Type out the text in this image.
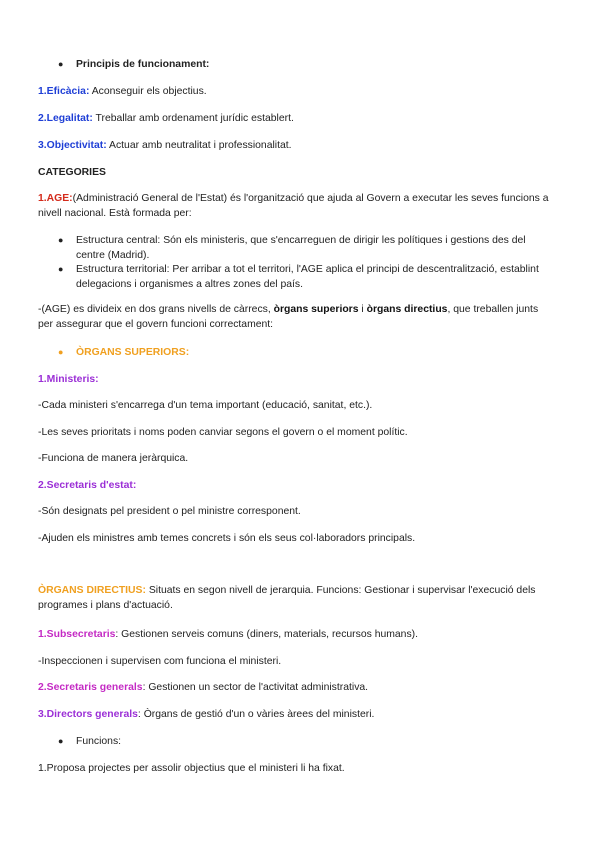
● Principis de funcionament:
1.Eficàcia: Aconseguir els objectius.
2.Legalitat: Treballar amb ordenament jurídic establert.
3.Objectivitat: Actuar amb neutralitat i professionalitat.
CATEGORIES
1.AGE:(Administració General de l'Estat) és l'organització que ajuda al Govern a executar les seves funcions a nivell nacional. Està formada per:
● Estructura central: Són els ministeris, que s'encarreguen de dirigir les polítiques i gestions des del centre (Madrid).
● Estructura territorial: Per arribar a tot el territori, l'AGE aplica el principi de descentralització, establint delegacions i organismes a altres zones del país.
-(AGE) es divideix en dos grans nivells de càrrecs, òrgans superiors i òrgans directius, que treballen junts per assegurar que el govern funcioni correctament:
● ÒRGANS SUPERIORS:
1.Ministeris:
-Cada ministeri s'encarrega d'un tema important (educació, sanitat, etc.).
-Les seves prioritats i noms poden canviar segons el govern o el moment polític.
-Funciona de manera jeràrquica.
2.Secretaris d'estat:
-Són designats pel president o pel ministre corresponent.
-Ajuden els ministres amb temes concrets i són els seus col·laboradors principals.
ÒRGANS DIRECTIUS: Situats en segon nivell de jerarquia. Funcions: Gestionar i supervisar l'execució dels programes i plans d'actuació.
1.Subsecretaris: Gestionen serveis comuns (diners, materials, recursos humans).
-Inspeccionen i supervisen com funciona el ministeri.
2.Secretaris generals: Gestionen un sector de l'activitat administrativa.
3.Directors generals: Òrgans de gestió d'un o vàries àrees del ministeri.
● Funcions:
1.Proposa projectes per assolir objectius que el ministeri li ha fixat.
